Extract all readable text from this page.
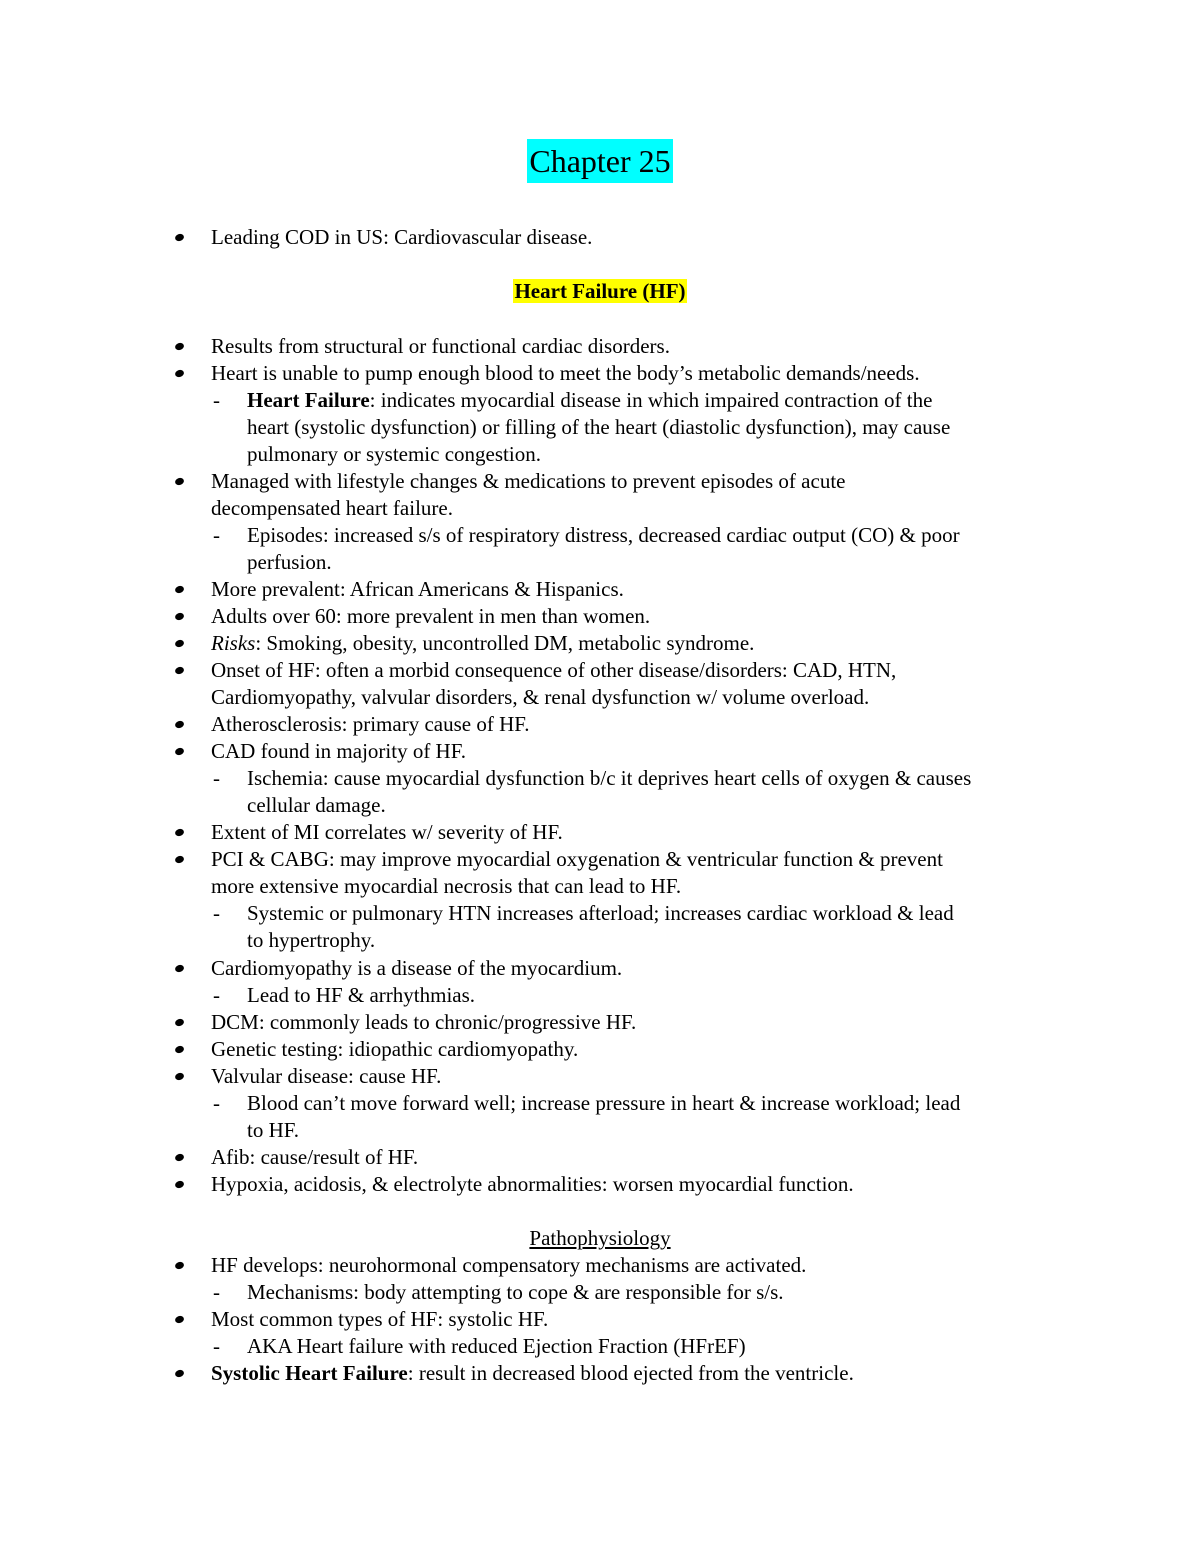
Chapter 25
Leading COD in US: Cardiovascular disease.
Heart Failure (HF)
Results from structural or functional cardiac disorders.
Heart is unable to pump enough blood to meet the body’s metabolic demands/needs.
- Heart Failure: indicates myocardial disease in which impaired contraction of the
heart (systolic dysfunction) or filling of the heart (diastolic dysfunction), may cause
pulmonary or systemic congestion.
Managed with lifestyle changes & medications to prevent episodes of acute
decompensated heart failure.
- Episodes: increased s/s of respiratory distress, decreased cardiac output (CO) & poor
perfusion.
More prevalent: African Americans & Hispanics.
Adults over 60: more prevalent in men than women.
Risks: Smoking, obesity, uncontrolled DM, metabolic syndrome.
Onset of HF: often a morbid consequence of other disease/disorders: CAD, HTN,
Cardiomyopathy, valvular disorders, & renal dysfunction w/ volume overload.
Atherosclerosis: primary cause of HF.
CAD found in majority of HF.
- Ischemia: cause myocardial dysfunction b/c it deprives heart cells of oxygen & causes
cellular damage.
Extent of MI correlates w/ severity of HF.
PCI & CABG: may improve myocardial oxygenation & ventricular function & prevent
more extensive myocardial necrosis that can lead to HF.
- Systemic or pulmonary HTN increases afterload; increases cardiac workload & lead
to hypertrophy.
Cardiomyopathy is a disease of the myocardium.
- Lead to HF & arrhythmias.
DCM: commonly leads to chronic/progressive HF.
Genetic testing: idiopathic cardiomyopathy.
Valvular disease: cause HF.
- Blood can’t move forward well; increase pressure in heart & increase workload; lead
to HF.
Afib: cause/result of HF.
Hypoxia, acidosis, & electrolyte abnormalities: worsen myocardial function.
Pathophysiology
HF develops: neurohormonal compensatory mechanisms are activated.
- Mechanisms: body attempting to cope & are responsible for s/s.
Most common types of HF: systolic HF.
- AKA Heart failure with reduced Ejection Fraction (HFrEF)
Systolic Heart Failure: result in decreased blood ejected from the ventricle.
